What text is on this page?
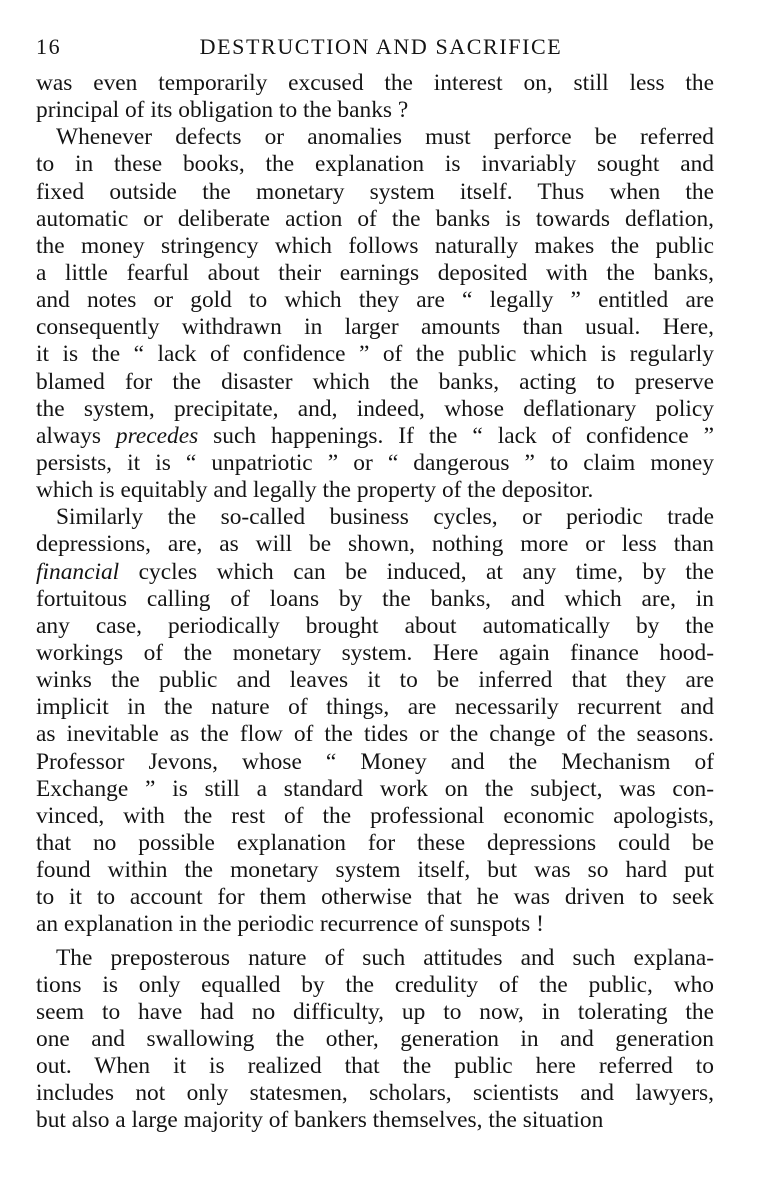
16	DESTRUCTION AND SACRIFICE
was even temporarily excused the interest on, still less the
principal of its obligation to the banks ?
Whenever defects or anomalies must perforce be referred
to in these books, the explanation is invariably sought and
fixed outside the monetary system itself. Thus when the
automatic or deliberate action of the banks is towards deflation,
the money stringency which follows naturally makes the public
a little fearful about their earnings deposited with the banks,
and notes or gold to which they are “ legally ” entitled are
consequently withdrawn in larger amounts than usual. Here,
it is the “ lack of confidence ” of the public which is regularly
blamed for the disaster which the banks, acting to preserve
the system, precipitate, and, indeed, whose deflationary policy
always precedes such happenings. If the “ lack of confidence ”
persists, it is “ unpatriotic ” or “ dangerous ” to claim money
which is equitably and legally the property of the depositor.
Similarly the so-called business cycles, or periodic trade
depressions, are, as will be shown, nothing more or less than
financial cycles which can be induced, at any time, by the
fortuitous calling of loans by the banks, and which are, in
any case, periodically brought about automatically by the
workings of the monetary system. Here again finance hood-
winks the public and leaves it to be inferred that they are
implicit in the nature of things, are necessarily recurrent and
as inevitable as the flow of the tides or the change of the seasons.
Professor Jevons, whose “ Money and the Mechanism of
Exchange ” is still a standard work on the subject, was con-
vinced, with the rest of the professional economic apologists,
that no possible explanation for these depressions could be
found within the monetary system itself, but was so hard put
to it to account for them otherwise that he was driven to seek
an explanation in the periodic recurrence of sunspots !
The preposterous nature of such attitudes and such explana-
tions is only equalled by the credulity of the public, who
seem to have had no difficulty, up to now, in tolerating the
one and swallowing the other, generation in and generation
out. When it is realized that the public here referred to
includes not only statesmen, scholars, scientists and lawyers,
but also a large majority of bankers themselves, the situation
